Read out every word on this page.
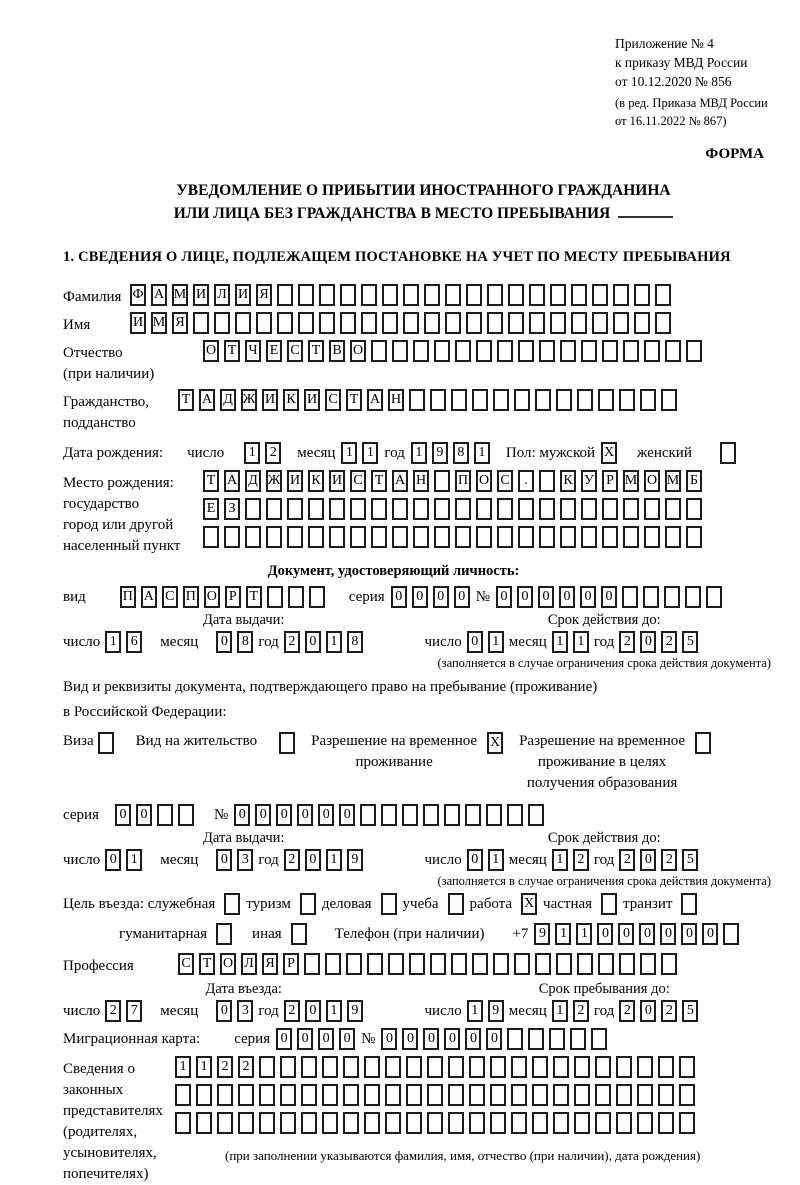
Приложение № 4
к приказу МВД России
от 10.12.2020 № 856
(в ред. Приказа МВД России
от 16.11.2022 № 867)
ФОРМА
УВЕДОМЛЕНИЕ О ПРИБЫТИИ ИНОСТРАННОГО ГРАЖДАНИНА
ИЛИ ЛИЦА БЕЗ ГРАЖДАНСТВА В МЕСТО ПРЕБЫВАНИЯ
1. СВЕДЕНИЯ О ЛИЦЕ, ПОДЛЕЖАЩЕМ ПОСТАНОВКЕ НА УЧЕТ ПО МЕСТУ ПРЕБЫВАНИЯ
Фамилия Ф А М И Л И Я
Имя	И М Я
Отчество
(при наличии)
О Т Ч Е С Т В О
Гражданство,
подданство
Т А Д Ж И К И С Т А Н
Дата рождения: число	1	2	месяц 1	1 год 1	9	8	1	Пол: мужской X женский
Место рождения:
государство
город или другой
населенный пункт
Т А Д Ж И К И С Т А Н П О С	.	К У Р М О М Б
Е З
Документ, удостоверяющий личность:
вид	П А С П О Р Т	серия 0	0	0	0 № 0	0	0	0	0	0
Дата выдачи:
число 1	6	месяц	0	8 год 2	0	1	8
Срок действия до:
число 0	1 месяц 1	1 год 2	0	2	5
(заполняется в случае ограничения срока действия документа)
Вид и реквизиты документа, подтверждающего право на пребывание (проживание)
в Российской Федерации:
Виза	Вид на жительство	Разрешение на временное
проживание
X Разрешение на временное
проживание в целях
получения образования
серия	0	0	№ 0	0	0	0	0	0
Дата выдачи:
число 0	1	месяц	0	3 год 2	0	1	9
Срок действия до:
число 0	1 месяц 1	2 год 2	0	2	5
(заполняется в случае ограничения срока действия документа)
Цель въезда: служебная туризм деловая учеба работа X частная транзит
гуманитарная	иная	Телефон (при наличии) +7 9	1	1	0	0	0	0	0	0
Профессия	С Т О Л Я Р
Дата въезда:
число 2	7	месяц	0	3 год 2	0	1	9
Срок пребывания до:
число 1	9 месяц 1	2 год 2	0	2	5
Миграционная карта: серия 0	0	0	0 № 0	0	0	0	0	0
Сведения о
законных
представителях
(родителях,
усыновителях,
попечителях)
1	1	2	2
(при заполнении указываются фамилия, имя, отчество (при наличии), дата рождения)
